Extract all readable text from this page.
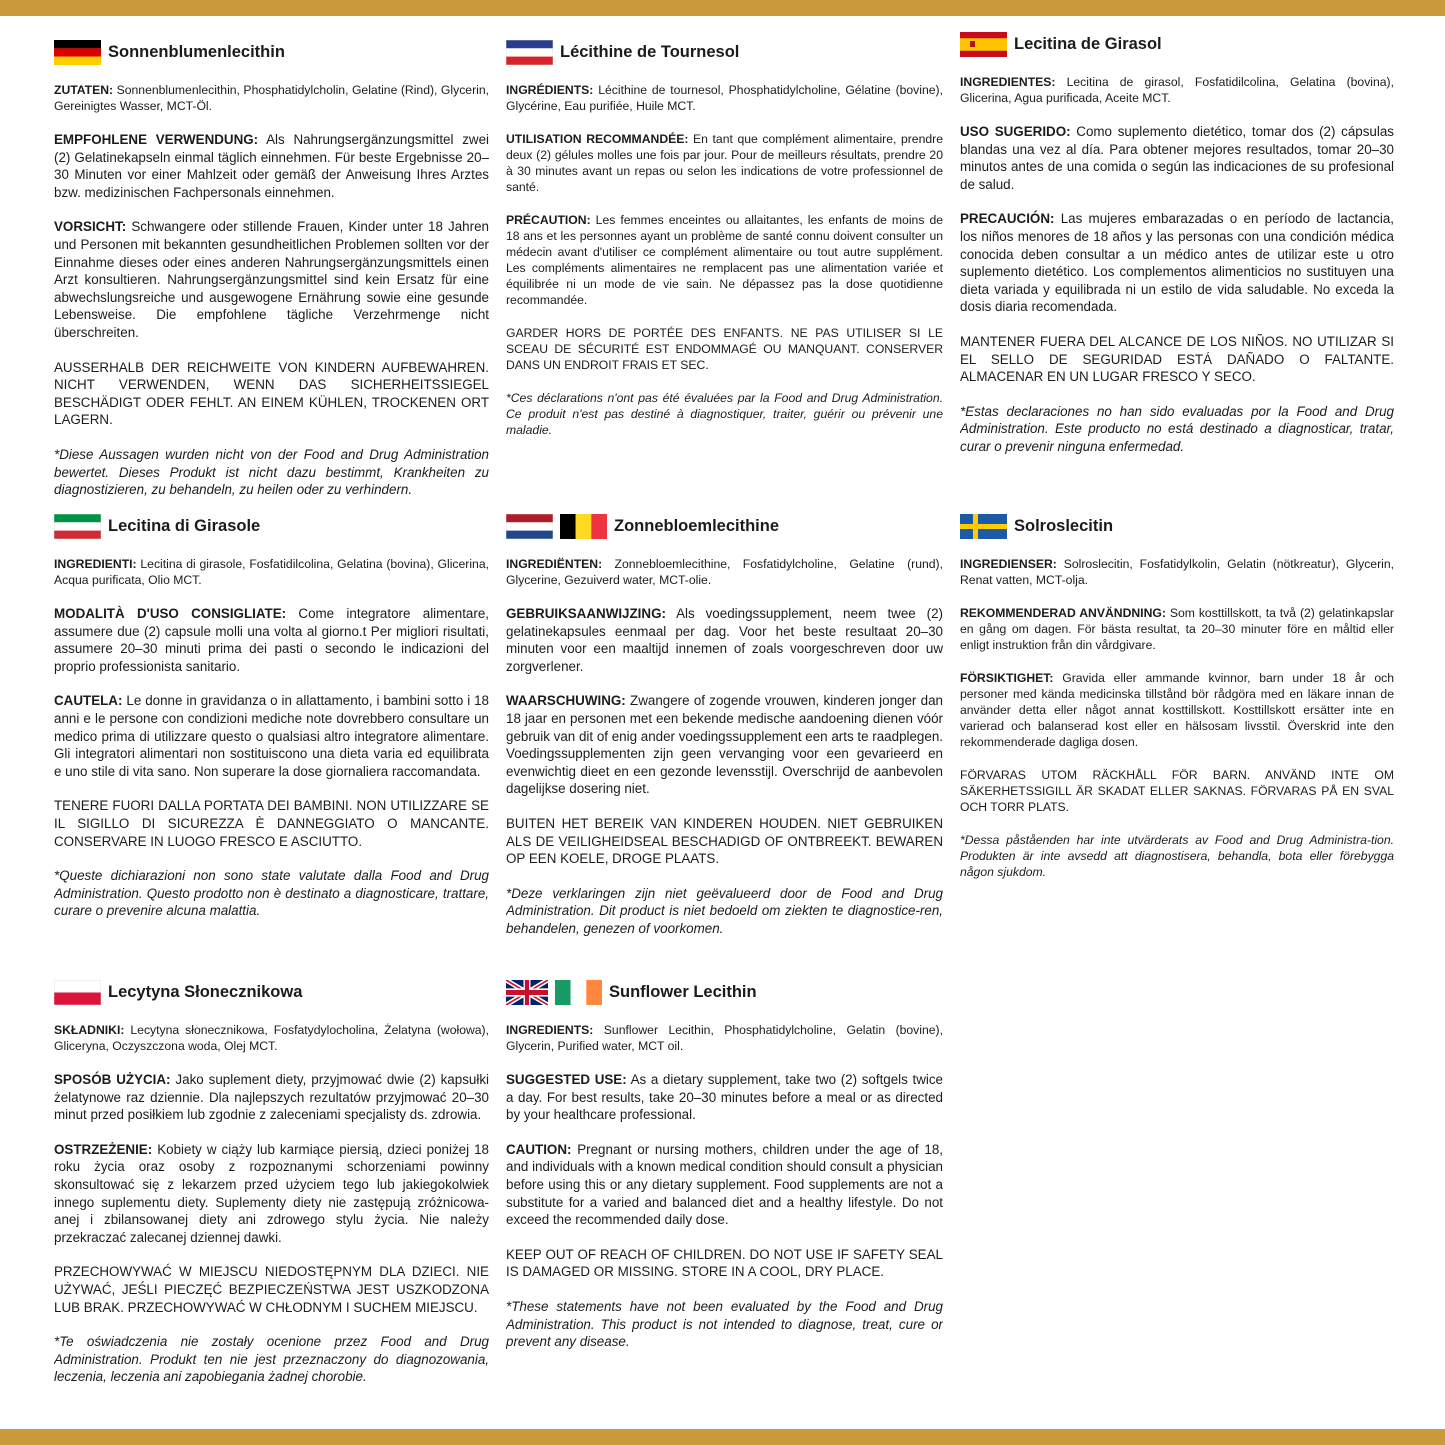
Sonnenblumenlecithin

ZUTATEN: Sonnenblumenlecithin, Phosphatidylcholin, Gelatine (Rind), Glycerin, Gereinigtes Wasser, MCT-Öl.

EMPFOHLENE VERWENDUNG: Als Nahrungsergänzungsmittel zwei (2) Gelatinekapseln einmal täglich einnehmen. Für beste Ergebnisse 20–30 Minuten vor einer Mahlzeit oder gemäß der Anweisung Ihres Arztes bzw. medizinischen Fachpersonals einnehmen.

VORSICHT: Schwangere oder stillende Frauen, Kinder unter 18 Jahren und Personen mit bekannten gesundheitlichen Problemen sollten vor der Einnahme dieses oder eines anderen Nahrungsergänzungsmittels einen Arzt konsultieren. Nahrungsergänzungsmittel sind kein Ersatz für eine abwechslungsreiche und ausgewogene Ernährung sowie eine gesunde Lebensweise. Die empfohlene tägliche Verzehrmenge nicht überschreiten.

AUSSERHALB DER REICHWEITE VON KINDERN AUFBEWAHREN. NICHT VERWENDEN, WENN DAS SICHERHEITSSIEGEL BESCHÄDIGT ODER FEHLT. AN EINEM KÜHLEN, TROCKENEN ORT LAGERN.

*Diese Aussagen wurden nicht von der Food and Drug Administration bewertet. Dieses Produkt ist nicht dazu bestimmt, Krankheiten zu diagnostizieren, zu behandeln, zu heilen oder zu verhindern.

Lécithine de Tournesol

INGRÉDIENTS: Lécithine de tournesol, Phosphatidylcholine, Gélatine (bovine), Glycérine, Eau purifiée, Huile MCT.

UTILISATION RECOMMANDÉE: En tant que complément alimentaire, prendre deux (2) gélules molles une fois par jour. Pour de meilleurs résultats, prendre 20 à 30 minutes avant un repas ou selon les indications de votre professionnel de santé.

PRÉCAUTION: Les femmes enceintes ou allaitantes, les enfants de moins de 18 ans et les personnes ayant un problème de santé connu doivent consulter un médecin avant d'utiliser ce complément alimentaire ou tout autre supplément. Les compléments alimentaires ne remplacent pas une alimentation variée et équilibrée ni un mode de vie sain. Ne dépassez pas la dose quotidienne recommandée.

GARDER HORS DE PORTÉE DES ENFANTS. NE PAS UTILISER SI LE SCEAU DE SÉCURITÉ EST ENDOMMAGÉ OU MANQUANT. CONSERVER DANS UN ENDROIT FRAIS ET SEC.

*Ces déclarations n'ont pas été évaluées par la Food and Drug Administration. Ce produit n'est pas destiné à diagnostiquer, traiter, guérir ou prévenir une maladie.

Lecitina de Girasol

INGREDIENTES: Lecitina de girasol, Fosfatidilcolina, Gelatina (bovina), Glicerina, Agua purificada, Aceite MCT.

USO SUGERIDO: Como suplemento dietético, tomar dos (2) cápsulas blandas una vez al día. Para obtener mejores resultados, tomar 20–30 minutos antes de una comida o según las indicaciones de su profesional de salud.

PRECAUCIÓN: Las mujeres embarazadas o en período de lactancia, los niños menores de 18 años y las personas con una condición médica conocida deben consultar a un médico antes de utilizar este u otro suplemento dietético. Los complementos alimenticios no sustituyen una dieta variada y equilibrada ni un estilo de vida saludable. No exceda la dosis diaria recomendada.

MANTENER FUERA DEL ALCANCE DE LOS NIÑOS. NO UTILIZAR SI EL SELLO DE SEGURIDAD ESTÁ DAÑADO O FALTANTE. ALMACENAR EN UN LUGAR FRESCO Y SECO.

*Estas declaraciones no han sido evaluadas por la Food and Drug Administration. Este producto no está destinado a diagnosticar, tratar, curar o prevenir ninguna enfermedad.

Lecitina di Girasole

INGREDIENTI: Lecitina di girasole, Fosfatidilcolina, Gelatina (bovina), Glicerina, Acqua purificata, Olio MCT.

MODALITÀ D'USO CONSIGLIATE: Come integratore alimentare, assumere due (2) capsule molli una volta al giorno.t Per migliori risultati, assumere 20–30 minuti prima dei pasti o secondo le indicazioni del proprio professionista sanitario.

CAUTELA: Le donne in gravidanza o in allattamento, i bambini sotto i 18 anni e le persone con condizioni mediche note dovrebbero consultare un medico prima di utilizzare questo o qualsiasi altro integratore alimentare. Gli integratori alimentari non sostituiscono una dieta varia ed equilibrata e uno stile di vita sano. Non superare la dose giornaliera raccomandata.

TENERE FUORI DALLA PORTATA DEI BAMBINI. NON UTILIZZARE SE IL SIGILLO DI SICUREZZA È DANNEGGIATO O MANCANTE. CONSERVARE IN LUOGO FRESCO E ASCIUTTO.

*Queste dichiarazioni non sono state valutate dalla Food and Drug Administration. Questo prodotto non è destinato a diagnosticare, trattare, curare o prevenire alcuna malattia.

Zonnebloemlecithine

INGREDIËNTEN: Zonnebloemlecithine, Fosfatidylcholine, Gelatine (rund), Glycerine, Gezuiverd water, MCT-olie.

GEBRUIKSAANWIJZING: Als voedingssupplement, neem twee (2) gelatinekapsules eenmaal per dag. Voor het beste resultaat 20–30 minuten voor een maaltijd innemen of zoals voorgeschreven door uw zorgverlener.

WAARSCHUWING: Zwangere of zogende vrouwen, kinderen jonger dan 18 jaar en personen met een bekende medische aandoening dienen vóór gebruik van dit of enig ander voedingssupplement een arts te raadplegen. Voedingssupplementen zijn geen vervanging voor een gevarieerd en evenwichtig dieet en een gezonde levensstijl. Overschrijd de aanbevolen dagelijkse dosering niet.

BUITEN HET BEREIK VAN KINDEREN HOUDEN. NIET GEBRUIKEN ALS DE VEILIGHEIDSEAL BESCHADIGD OF ONTBREEKT. BEWAREN OP EEN KOELE, DROGE PLAATS.

*Deze verklaringen zijn niet geëvalueerd door de Food and Drug Administration. Dit product is niet bedoeld om ziekten te diagnostice-ren, behandelen, genezen of voorkomen.

Solroslecitin

INGREDIENSER: Solroslecitin, Fosfatidylkolin, Gelatin (nötkreatur), Glycerin, Renat vatten, MCT-olja.

REKOMMENDERAD ANVÄNDNING: Som kosttillskott, ta två (2) gelatinkapslar en gång om dagen. För bästa resultat, ta 20–30 minuter före en måltid eller enligt instruktion från din vårdgivare.

FÖRSIKTIGHET: Gravida eller ammande kvinnor, barn under 18 år och personer med kända medicinska tillstånd bör rådgöra med en läkare innan de använder detta eller något annat kosttillskott. Kosttillskott ersätter inte en varierad och balanserad kost eller en hälsosam livsstil. Överskrid inte den rekommenderade dagliga dosen.

FÖRVARAS UTOM RÄCKHÅLL FÖR BARN. ANVÄND INTE OM SÄKERHETSSIGILL ÄR SKADAT ELLER SAKNAS. FÖRVARAS PÅ EN SVAL OCH TORR PLATS.

*Dessa påståenden har inte utvärderats av Food and Drug Administra-tion. Produkten är inte avsedd att diagnostisera, behandla, bota eller förebygga någon sjukdom.

Lecytyna Słonecznikowa

SKŁADNIKI: Lecytyna słonecznikowa, Fosfatydylocholina, Żelatyna (wołowa), Gliceryna, Oczyszczona woda, Olej MCT.

SPOSÓB UŻYCIA: Jako suplement diety, przyjmować dwie (2) kapsułki żelatynowe raz dziennie. Dla najlepszych rezultatów przyjmować 20–30 minut przed posiłkiem lub zgodnie z zaleceniami specjalisty ds. zdrowia.

OSTRZEŻENIE: Kobiety w ciąży lub karmiące piersią, dzieci poniżej 18 roku życia oraz osoby z rozpoznanymi schorzeniami powinny skonsultować się z lekarzem przed użyciem tego lub jakiegokolwiek innego suplementu diety. Suplementy diety nie zastępują zróżnicowa-anej i zbilansowanej diety ani zdrowego stylu życia. Nie należy przekraczać zalecanej dziennej dawki.

PRZECHOWYWAĆ W MIEJSCU NIEDOSTĘPNYM DLA DZIECI. NIE UŻYWAĆ, JEŚLI PIECZĘĆ BEZPIECZEŃSTWA JEST USZKODZONA LUB BRAK. PRZECHOWYWAĆ W CHŁODNYM I SUCHEM MIEJSCU.

*Te oświadczenia nie zostały ocenione przez Food and Drug Administration. Produkt ten nie jest przeznaczony do diagnozowania, leczenia, leczenia ani zapobiegania żadnej chorobie.

Sunflower Lecithin

INGREDIENTS: Sunflower Lecithin, Phosphatidylcholine, Gelatin (bovine), Glycerin, Purified water, MCT oil.

SUGGESTED USE: As a dietary supplement, take two (2) softgels twice a day. For best results, take 20–30 minutes before a meal or as directed by your healthcare professional.

CAUTION: Pregnant or nursing mothers, children under the age of 18, and individuals with a known medical condition should consult a physician before using this or any dietary supplement. Food supplements are not a substitute for a varied and balanced diet and a healthy lifestyle. Do not exceed the recommended daily dose.

KEEP OUT OF REACH OF CHILDREN. DO NOT USE IF SAFETY SEAL IS DAMAGED OR MISSING. STORE IN A COOL, DRY PLACE.

*These statements have not been evaluated by the Food and Drug Administration. This product is not intended to diagnose, treat, cure or prevent any disease.
